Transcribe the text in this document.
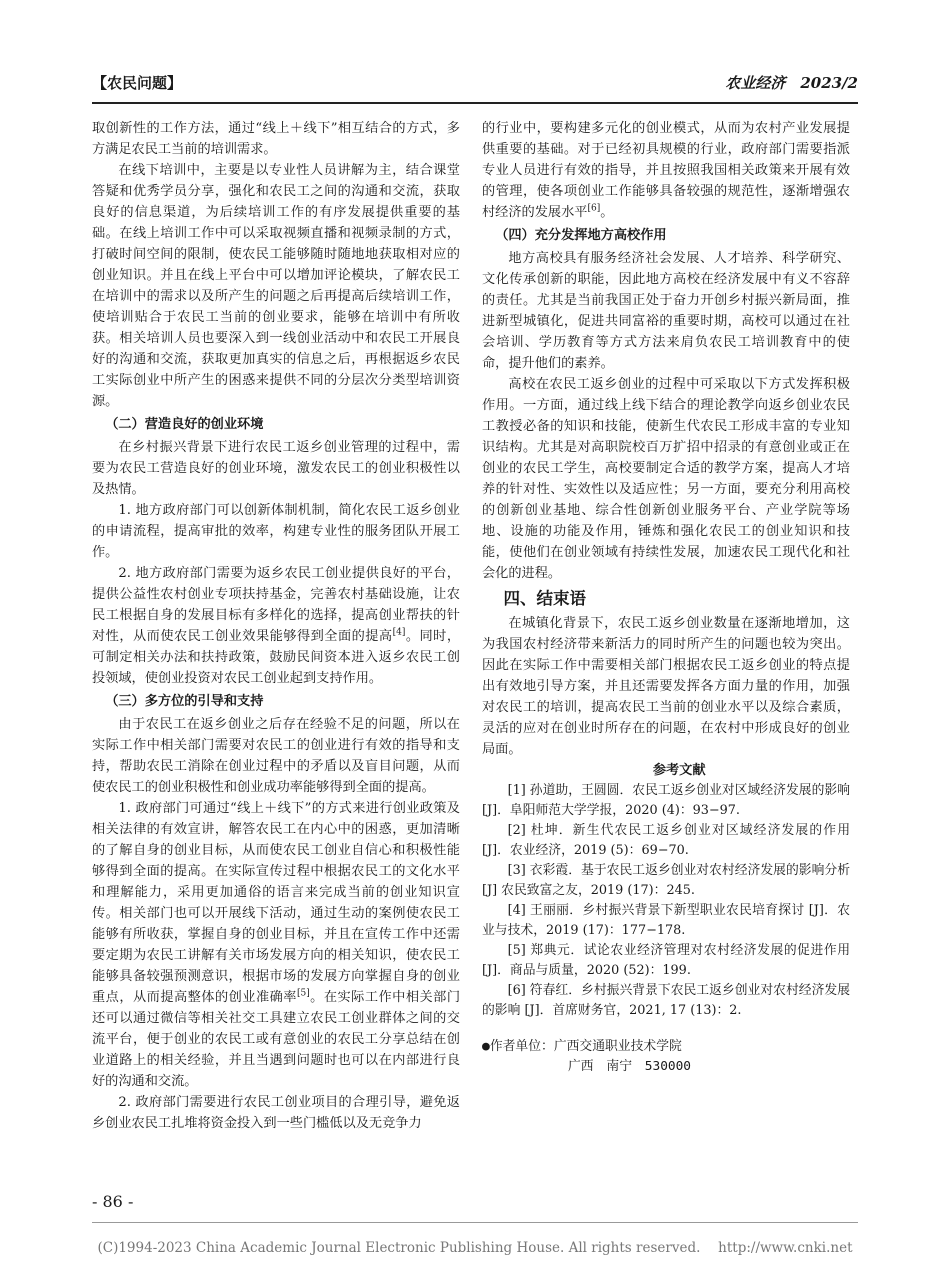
【农民问题】	农业经济　2023/2

取创新性的工作方法，通过“线上＋线下”相互结合的方式，多方满足农民工当前的培训需求。

在线下培训中，主要是以专业性人员讲解为主，结合课堂答疑和优秀学员分享，强化和农民工之间的沟通和交流，获取良好的信息渠道，为后续培训工作的有序发展提供重要的基础。在线上培训工作中可以采取视频直播和视频录制的方式，打破时间空间的限制，使农民工能够随时随地地获取相对应的创业知识。并且在线上平台中可以增加评论模块，了解农民工在培训中的需求以及所产生的问题之后再提高后续培训工作，使培训贴合于农民工当前的创业要求，能够在培训中有所收获。相关培训人员也要深入到一线创业活动中和农民工开展良好的沟通和交流，获取更加真实的信息之后，再根据返乡农民工实际创业中所产生的困惑来提供不同的分层次分类型培训资源。

（二）营造良好的创业环境

在乡村振兴背景下进行农民工返乡创业管理的过程中，需要为农民工营造良好的创业环境，激发农民工的创业积极性以及热情。

1. 地方政府部门可以创新体制机制，简化农民工返乡创业的申请流程，提高审批的效率，构建专业性的服务团队开展工作。

2. 地方政府部门需要为返乡农民工创业提供良好的平台，提供公益性农村创业专项扶持基金，完善农村基础设施，让农民工根据自身的发展目标有多样化的选择，提高创业帮扶的针对性，从而使农民工创业效果能够得到全面的提高[4]。同时，可制定相关办法和扶持政策，鼓励民间资本进入返乡农民工创投领域，使创业投资对农民工创业起到支持作用。

（三）多方位的引导和支持

由于农民工在返乡创业之后存在经验不足的问题，所以在实际工作中相关部门需要对农民工的创业进行有效的指导和支持，帮助农民工消除在创业过程中的矛盾以及盲目问题，从而使农民工的创业积极性和创业成功率能够得到全面的提高。

1. 政府部门可通过“线上＋线下”的方式来进行创业政策及相关法律的有效宣讲，解答农民工在内心中的困惑，更加清晰的了解自身的创业目标，从而使农民工创业自信心和积极性能够得到全面的提高。在实际宣传过程中根据农民工的文化水平和理解能力，采用更加通俗的语言来完成当前的创业知识宣传。相关部门也可以开展线下活动，通过生动的案例使农民工能够有所收获，掌握自身的创业目标，并且在宣传工作中还需要定期为农民工讲解有关市场发展方向的相关知识，使农民工能够具备较强预测意识，根据市场的发展方向掌握自身的创业重点，从而提高整体的创业准确率[5]。在实际工作中相关部门还可以通过微信等相关社交工具建立农民工创业群体之间的交流平台，便于创业的农民工或有意创业的农民工分享总结在创业道路上的相关经验，并且当遇到问题时也可以在内部进行良好的沟通和交流。

2. 政府部门需要进行农民工创业项目的合理引导，避免返乡创业农民工扎堆将资金投入到一些门槛低以及无竞争力

的行业中，要构建多元化的创业模式，从而为农村产业发展提供重要的基础。对于已经初具规模的行业，政府部门需要指派专业人员进行有效的指导，并且按照我国相关政策来开展有效的管理，使各项创业工作能够具备较强的规范性，逐渐增强农村经济的发展水平[6]。

（四）充分发挥地方高校作用

地方高校具有服务经济社会发展、人才培养、科学研究、文化传承创新的职能，因此地方高校在经济发展中有义不容辞的责任。尤其是当前我国正处于奋力开创乡村振兴新局面，推进新型城镇化，促进共同富裕的重要时期，高校可以通过在社会培训、学历教育等方式方法来肩负农民工培训教育中的使命，提升他们的素养。

高校在农民工返乡创业的过程中可采取以下方式发挥积极作用。一方面，通过线上线下结合的理论教学向返乡创业农民工教授必备的知识和技能，使新生代农民工形成丰富的专业知识结构。尤其是对高职院校百万扩招中招录的有意创业或正在创业的农民工学生，高校要制定合适的教学方案，提高人才培养的针对性、实效性以及适应性；另一方面，要充分利用高校的创新创业基地、综合性创新创业服务平台、产业学院等场地、设施的功能及作用，锤炼和强化农民工的创业知识和技能，使他们在创业领域有持续性发展，加速农民工现代化和社会化的进程。

四、结束语

在城镇化背景下，农民工返乡创业数量在逐渐地增加，这为我国农村经济带来新活力的同时所产生的问题也较为突出。因此在实际工作中需要相关部门根据农民工返乡创业的特点提出有效地引导方案，并且还需要发挥各方面力量的作用，加强对农民工的培训，提高农民工当前的创业水平以及综合素质，灵活的应对在创业时所存在的问题，在农村中形成良好的创业局面。

参考文献

[1] 孙道助，王圆圆．农民工返乡创业对区域经济发展的影响 [J]．阜阳师范大学学报，2020 (4)：93−97.

[2] 杜坤．新生代农民工返乡创业对区域经济发展的作用 [J]．农业经济，2019 (5)：69−70.

[3] 衣彩霞．基于农民工返乡创业对农村经济发展的影响分析 [J] 农民致富之友，2019 (17)：245.

[4] 王丽丽．乡村振兴背景下新型职业农民培育探讨 [J]．农业与技术，2019 (17)：177−178.

[5] 郑典元．试论农业经济管理对农村经济发展的促进作用 [J]．商品与质量，2020 (52)：199.

[6] 符春红．乡村振兴背景下农民工返乡创业对农村经济发展的影响 [J]．首席财务官，2021, 17 (13)：2.

●作者单位：广西交通职业技术学院
广西　南宁　530000
- 86 -
(C)1994-2023 China Academic Journal Electronic Publishing House. All rights reserved.　 http://www.cnki.net
